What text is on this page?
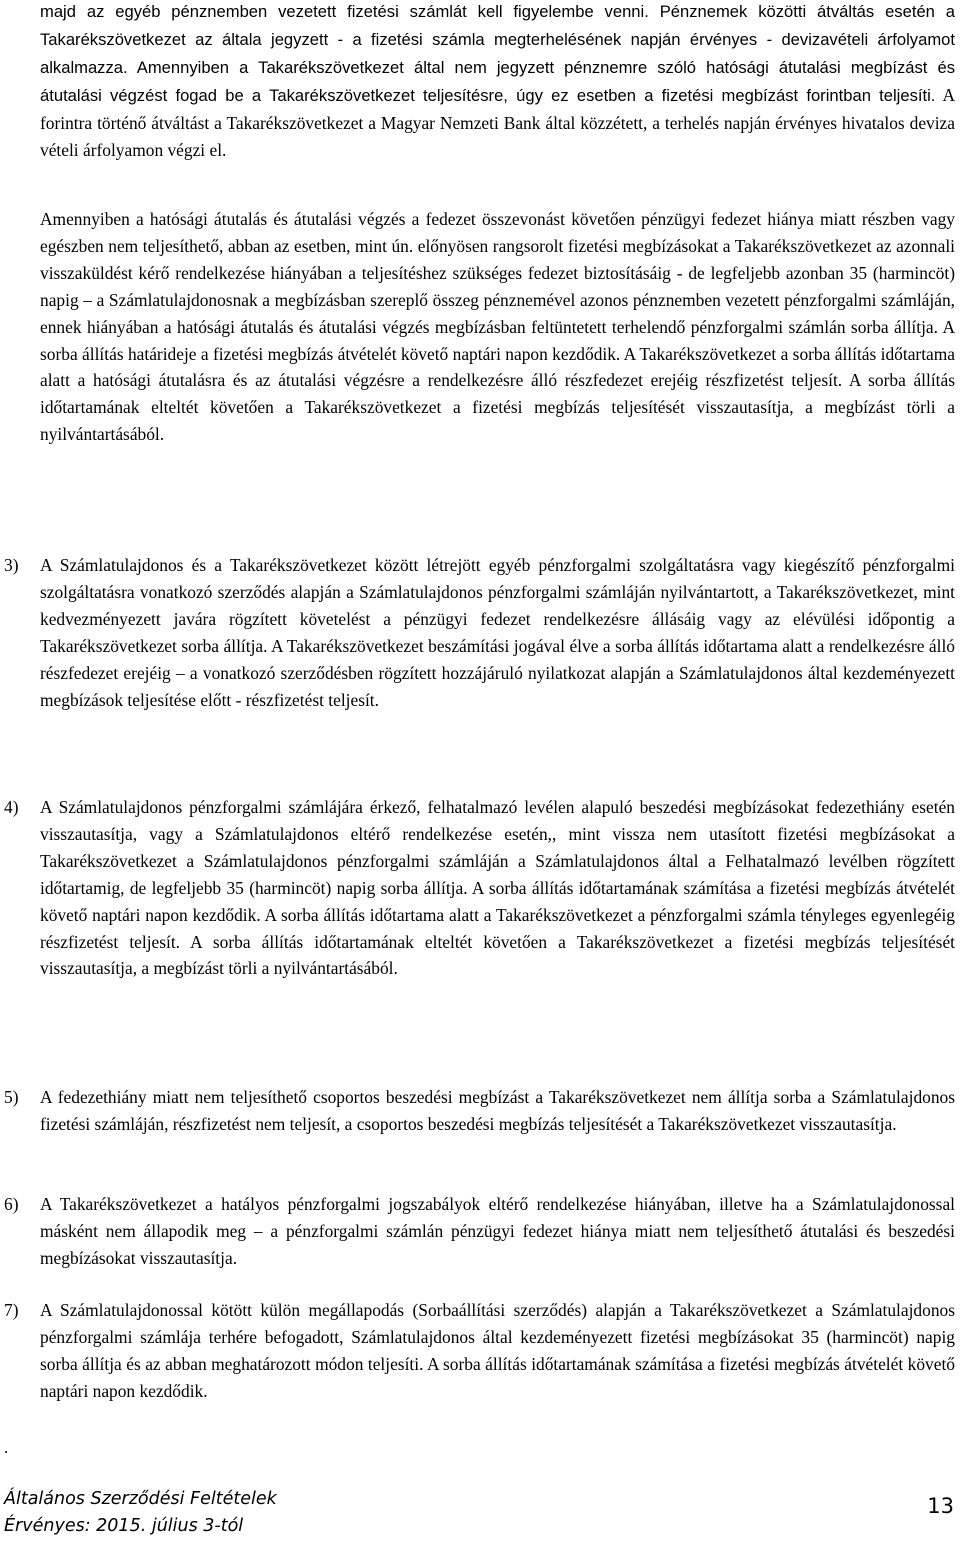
majd az egyéb pénznemben vezetett fizetési számlát kell figyelembe venni. Pénznemek közötti átváltás esetén a Takarékszövetkezet az általa jegyzett - a fizetési számla megterhelésének napján érvényes - devizavételi árfolyamot alkalmazza. Amennyiben a Takarékszövetkezet által nem jegyzett pénznemre szóló hatósági átutalási megbízást és átutalási végzést fogad be a Takarékszövetkezet teljesítésre, úgy ez esetben a fizetési megbízást forintban teljesíti. A forintra történő átváltást a Takarékszövetkezet a Magyar Nemzeti Bank által közzétett, a terhelés napján érvényes hivatalos deviza vételi árfolyamon végzi el.
Amennyiben a hatósági átutalás és átutalási végzés a fedezet összevonást követően pénzügyi fedezet hiánya miatt részben vagy egészben nem teljesíthető, abban az esetben, mint ún. előnyösen rangsorolt fizetési megbízásokat a Takarékszövetkezet az azonnali visszaküldést kérő rendelkezése hiányában a teljesítéshez szükséges fedezet biztosításáig - de legfeljebb azonban 35 (harmincöt) napig – a Számlatulajdonosnak a megbízásban szereplő összeg pénznemével azonos pénznemben vezetett pénzforgalmi számláján, ennek hiányában a hatósági átutalás és átutalási végzés megbízásban feltüntetett terhelendő pénzforgalmi számlán sorba állítja. A sorba állítás határideje a fizetési megbízás átvételét követő naptári napon kezdődik. A Takarékszövetkezet a sorba állítás időtartama alatt a hatósági átutalásra és az átutalási végzésre a rendelkezésre álló részfedezet erejéig részfizetést teljesít. A sorba állítás időtartamának elteltét követően a Takarékszövetkezet a fizetési megbízás teljesítését visszautasítja, a megbízást törli a nyilvántartásából.
3)	A Számlatulajdonos és a Takarékszövetkezet között létrejött egyéb pénzforgalmi szolgáltatásra vagy kiegészítő pénzforgalmi szolgáltatásra vonatkozó szerződés alapján a Számlatulajdonos pénzforgalmi számláján nyilvántartott, a Takarékszövetkezet, mint kedvezményezett javára rögzített követelést a pénzügyi fedezet rendelkezésre állásáig vagy az elévülési időpontig a Takarékszövetkezet sorba állítja. A Takarékszövetkezet beszámítási jogával élve a sorba állítás időtartama alatt a rendelkezésre álló részfedezet erejéig – a vonatkozó szerződésben rögzített hozzájáruló nyilatkozat alapján a Számlatulajdonos által kezdeményezett megbízások teljesítése előtt - részfizetést teljesít.
4)	A Számlatulajdonos pénzforgalmi számlájára érkező, felhatalmazó levélen alapuló beszedési megbízásokat fedezethiány esetén visszautasítja, vagy a Számlatulajdonos eltérő rendelkezése esetén,, mint vissza nem utasított fizetési megbízásokat a Takarékszövetkezet a Számlatulajdonos pénzforgalmi számláján a Számlatulajdonos által a Felhatalmazó levélben rögzített időtartamig, de legfeljebb 35 (harmincöt) napig sorba állítja. A sorba állítás időtartamának számítása a fizetési megbízás átvételét követő naptári napon kezdődik. A sorba állítás időtartama alatt a Takarékszövetkezet a pénzforgalmi számla tényleges egyenlegéig részfizetést teljesít. A sorba állítás időtartamának elteltét követően a Takarékszövetkezet a fizetési megbízás teljesítését visszautasítja, a megbízást törli a nyilvántartásából.
5)	A fedezethiány miatt nem teljesíthető csoportos beszedési megbízást a Takarékszövetkezet nem állítja sorba a Számlatulajdonos fizetési számláján, részfizetést nem teljesít, a csoportos beszedési megbízás teljesítését a Takarékszövetkezet visszautasítja.
6)	A Takarékszövetkezet a hatályos pénzforgalmi jogszabályok eltérő rendelkezése hiányában, illetve ha a Számlatulajdonossal másként nem állapodik meg – a pénzforgalmi számlán pénzügyi fedezet hiánya miatt nem teljesíthető átutalási és beszedési megbízásokat visszautasítja.
7)	A Számlatulajdonossal kötött külön megállapodás (Sorbaállítási szerződés) alapján a Takarékszövetkezet a Számlatulajdonos pénzforgalmi számlája terhére befogadott, Számlatulajdonos által kezdeményezett fizetési megbízásokat 35 (harmincöt) napig sorba állítja és az abban meghatározott módon teljesíti. A sorba állítás időtartamának számítása a fizetési megbízás átvételét követő naptári napon kezdődik.
.
Általános Szerződési Feltételek
Érvényes: 2015. július 3-tól
13
